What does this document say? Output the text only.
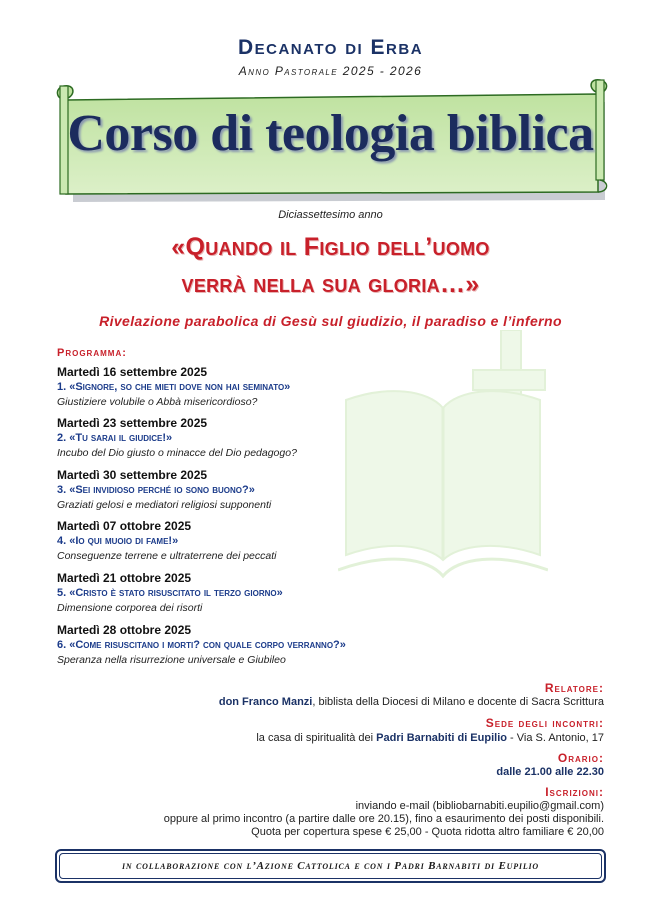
Decanato di Erba
Anno Pastorale 2025 - 2026
Corso di teologia biblica
Diciassettesimo anno
«Quando il Figlio dell’uomo
verrà nella sua gloria…»
Rivelazione parabolica di Gesù sul giudizio, il paradiso e l’inferno
Programma:
Martedì 16 settembre 2025
1. «Signore, so che mieti dove non hai seminato»
Giustiziere volubile o Abbà misericordioso?
Martedì 23 settembre 2025
2. «Tu sarai il giudice!»
Incubo del Dio giusto o minacce del Dio pedagogo?
Martedì 30 settembre 2025
3. «Sei invidioso perché io sono buono?»
Graziati gelosi e mediatori religiosi supponenti
Martedì 07 ottobre 2025
4. «Io qui muoio di fame!»
Conseguenze terrene e ultraterrene dei peccati
Martedì 21 ottobre 2025
5. «Cristo è stato risuscitato il terzo giorno»
Dimensione corporea dei risorti
Martedì 28 ottobre 2025
6. «Come risuscitano i morti? con quale corpo verranno?»
Speranza nella risurrezione universale e Giubileo
Relatore:
don Franco Manzi, biblista della Diocesi di Milano e docente di Sacra Scrittura
Sede degli incontri:
la casa di spiritualità dei Padri Barnabiti di Eupilio - Via S. Antonio, 17
Orario:
dalle 21.00 alle 22.30
Iscrizioni:
inviando e-mail (bibliobarnabiti.eupilio@gmail.com)
oppure al primo incontro (a partire dalle ore 20.15), fino a esaurimento dei posti disponibili.
Quota per copertura spese € 25,00 - Quota ridotta altro familiare € 20,00
in collaborazione con l’Azione Cattolica e con i Padri Barnabiti di Eupilio
